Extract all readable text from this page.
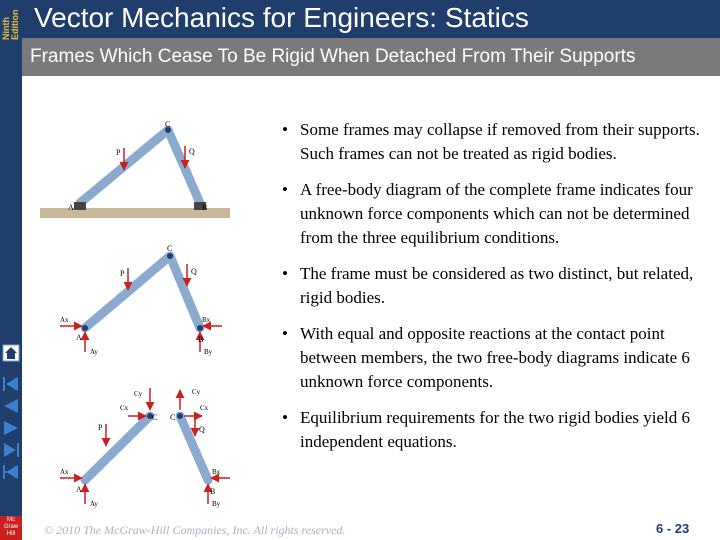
Vector Mechanics for Engineers: Statics
Ninth Edition
Frames Which Cease To Be Rigid When Detached From Their Supports
Mc Graw Hill
C
P	Q
A	B
C
P	Q
Ax
A
Ay
Bx
B
By
Cy
Cx
C C
Cx
Cy
P	Q
Ax
A
Ay
Bx
B
By
• Some frames may collapse if removed from their supports. Such frames can not be treated as rigid bodies.
• A free-body diagram of the complete frame indicates four unknown force components which can not be determined from the three equilibrium conditions.
• The frame must be considered as two distinct, but related, rigid bodies.
• With equal and opposite reactions at the contact point between members, the two free-body diagrams indicate 6 unknown force components.
• Equilibrium requirements for the two rigid bodies yield 6 independent equations.
© 2010 The McGraw-Hill Companies, Inc. All rights reserved.	6 - 23
